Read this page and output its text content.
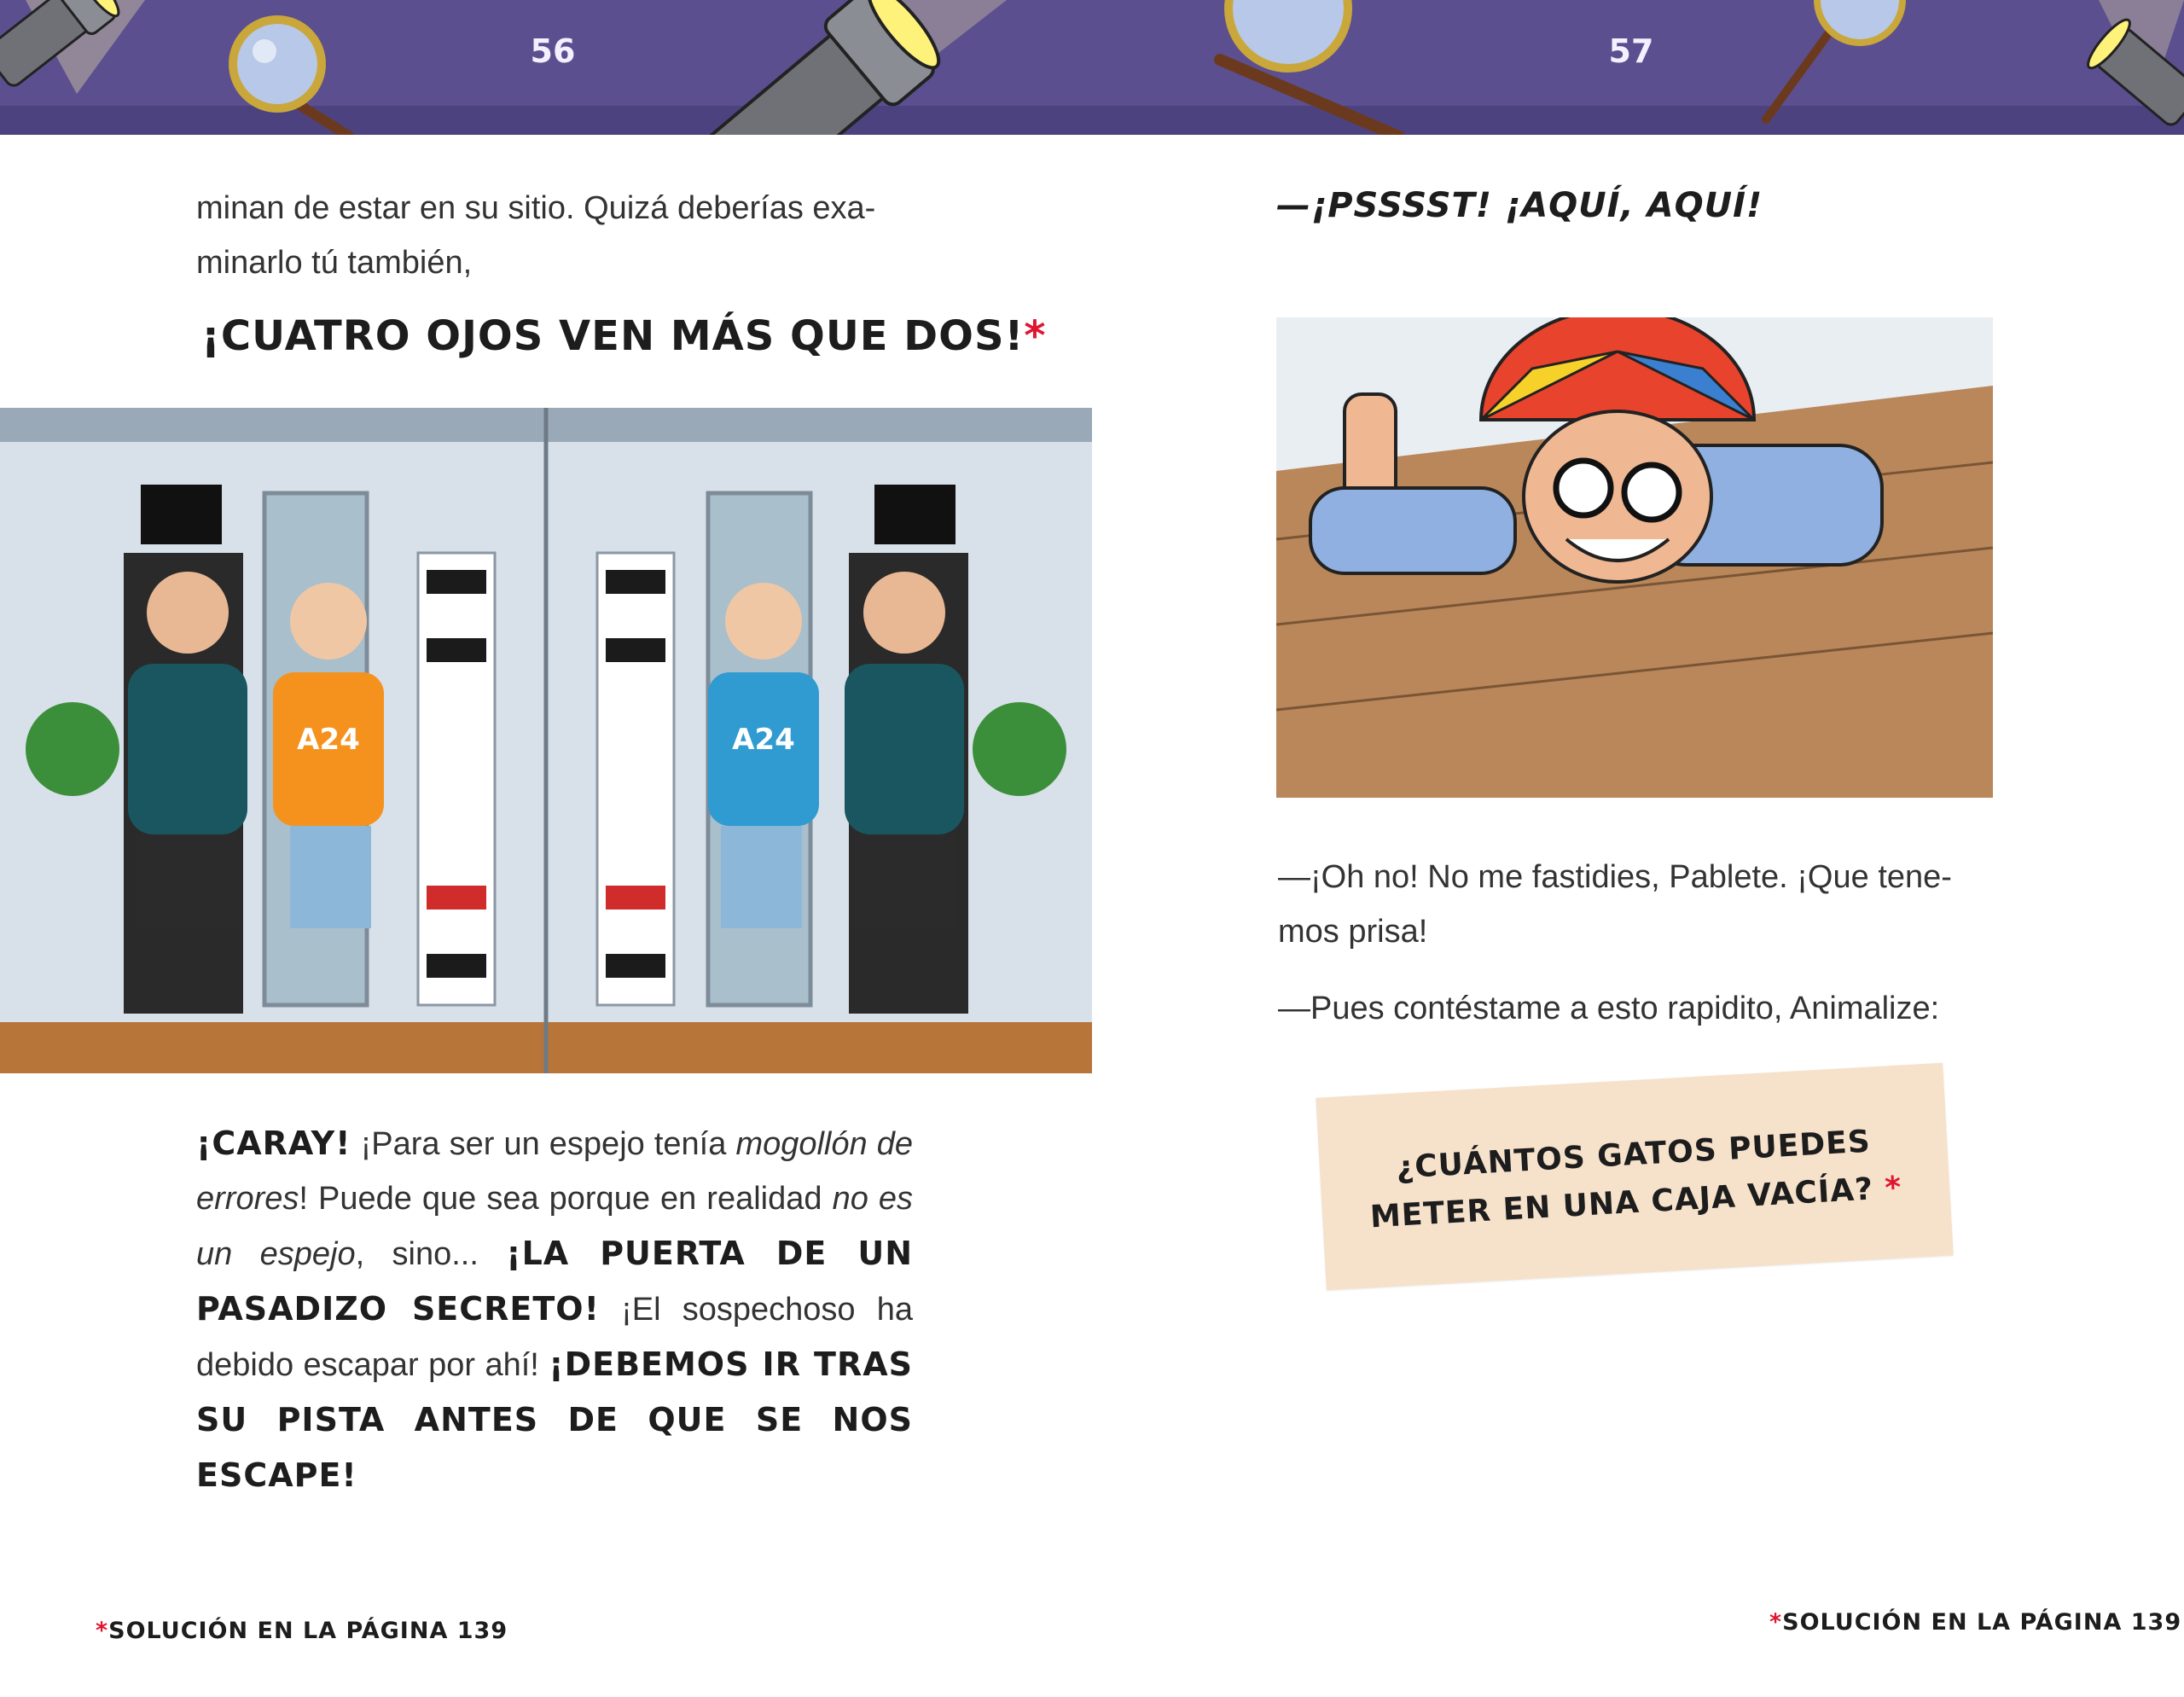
56
minan de estar en su sitio. Quizá deberías exa-
minarlo tú también,
¡CUATRO OJOS VEN MÁS QUE DOS!*
A24	A24
¡CARAY! ¡Para ser un espejo tenía mogollón de errores! Puede que sea porque en realidad no es un espejo, sino... ¡LA PUERTA DE UN PASADIZO SECRETO! ¡El sospechoso ha debido escapar por ahí! ¡DEBEMOS IR TRAS SU PISTA ANTES DE QUE SE NOS ESCAPE!
*SOLUCIÓN EN LA PÁGINA 139
57
—¡PSSSST! ¡AQUÍ, AQUÍ!
—¡Oh no! No me fastidies, Pablete. ¡Que tene-
mos prisa!
—Pues contéstame a esto rapidito, Animalize:
¿CUÁNTOS GATOS PUEDES
METER EN UNA CAJA VACÍA? *
*SOLUCIÓN EN LA PÁGINA 139
